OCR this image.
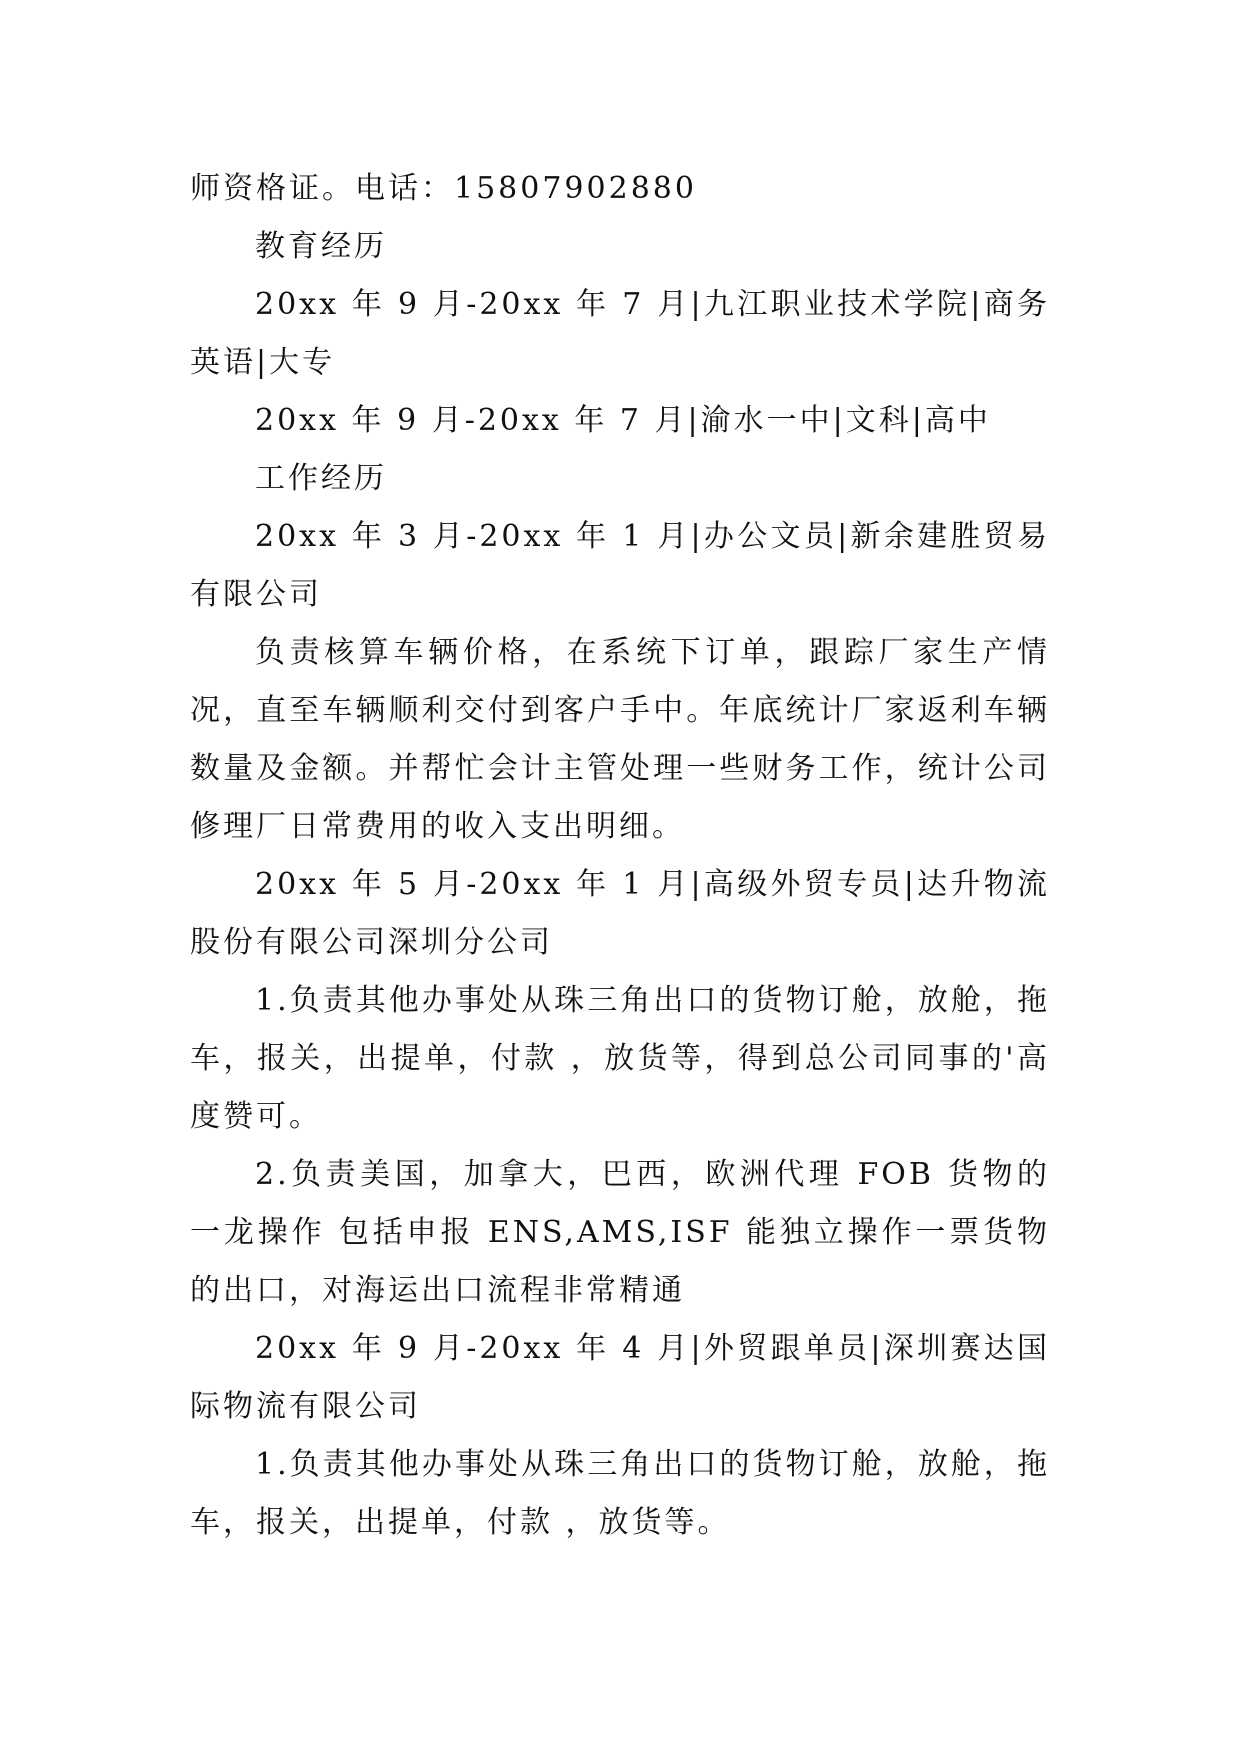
师资格证。电话：15807902880

教育经历

20xx 年 9 月-20xx 年 7 月|九江职业技术学院|商务英语|大专

20xx 年 9 月-20xx 年 7 月|渝水一中|文科|高中

工作经历

20xx 年 3 月-20xx 年 1 月|办公文员|新余建胜贸易有限公司

负责核算车辆价格，在系统下订单，跟踪厂家生产情况，直至车辆顺利交付到客户手中。年底统计厂家返利车辆数量及金额。并帮忙会计主管处理一些财务工作，统计公司修理厂日常费用的收入支出明细。

20xx 年 5 月-20xx 年 1 月|高级外贸专员|达升物流股份有限公司深圳分公司

1.负责其他办事处从珠三角出口的货物订舱，放舱，拖车，报关，出提单，付款 ，放货等，得到总公司同事的'高度赞可。

2.负责美国，加拿大，巴西，欧洲代理 FOB 货物的一龙操作 包括申报 ENS,AMS,ISF 能独立操作一票货物的出口，对海运出口流程非常精通

20xx 年 9 月-20xx 年 4 月|外贸跟单员|深圳赛达国际物流有限公司

1.负责其他办事处从珠三角出口的货物订舱，放舱，拖车，报关，出提单，付款 ，放货等。
